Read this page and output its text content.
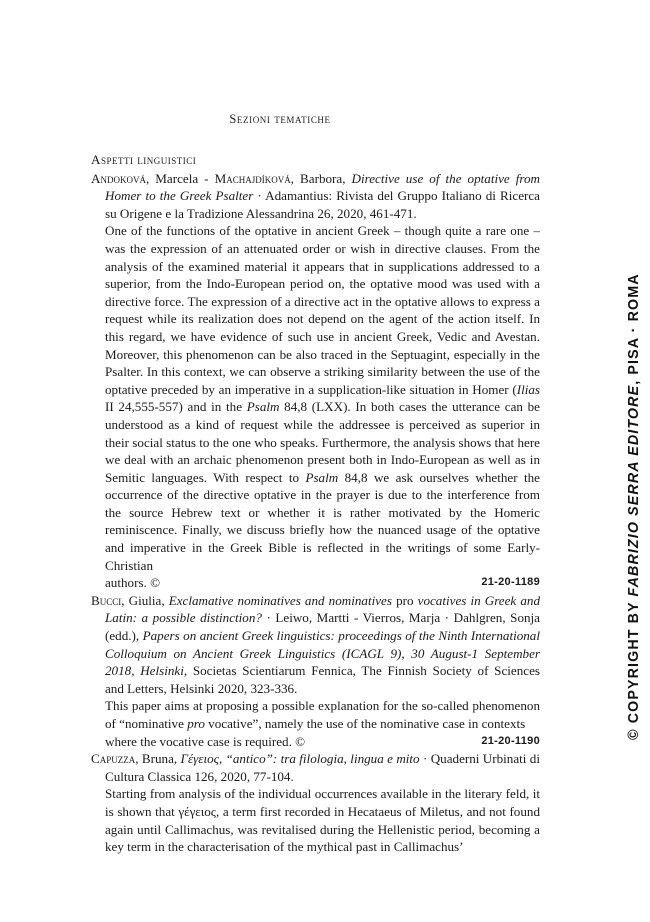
Sezioni tematiche
Aspetti linguistici
Andoková, Marcela - Machajdíková, Barbora, Directive use of the optative from Homer to the Greek Psalter · Adamantius: Rivista del Gruppo Italiano di Ricerca su Origene e la Tradizione Alessandrina 26, 2020, 461-471.
One of the functions of the optative in ancient Greek – though quite a rare one – was the expression of an attenuated order or wish in directive clauses. From the analysis of the examined material it appears that in supplications addressed to a superior, from the Indo-European period on, the optative mood was used with a directive force. The expression of a directive act in the optative allows to express a request while its realization does not depend on the agent of the action itself. In this regard, we have evidence of such use in ancient Greek, Vedic and Avestan. Moreover, this phenomenon can be also traced in the Septuagint, especially in the Psalter. In this context, we can observe a striking similarity between the use of the optative preceded by an imperative in a supplication-like situation in Homer (Ilias II 24,555-557) and in the Psalm 84,8 (LXX). In both cases the utterance can be understood as a kind of request while the addressee is perceived as superior in their social status to the one who speaks. Furthermore, the analysis shows that here we deal with an archaic phenomenon present both in Indo-European as well as in Semitic languages. With respect to Psalm 84,8 we ask ourselves whether the occurrence of the directive optative in the prayer is due to the interference from the source Hebrew text or whether it is rather motivated by the Homeric reminiscence. Finally, we discuss briefly how the nuanced usage of the optative and imperative in the Greek Bible is reflected in the writings of some Early-Christian
authors. ©	21-20-1189
Bucci, Giulia, Exclamative nominatives and nominatives pro vocatives in Greek and Latin: a possible distinction? · Leiwo, Martti - Vierros, Marja · Dahlgren, Sonja (edd.), Papers on ancient Greek linguistics: proceedings of the Ninth International Colloquium on Ancient Greek Linguistics (ICAGL 9), 30 August-1 September 2018, Helsinki, Societas Scientiarum Fennica, The Finnish Society of Sciences and Letters, Helsinki 2020, 323-336.
This paper aims at proposing a possible explanation for the so-called phenomenon of “nominative pro vocative”, namely the use of the nominative case in contexts
where the vocative case is required. ©	21-20-1190
Capuzza, Bruna, Γέγειος, “antico”: tra filologia, lingua e mito · Quaderni Urbinati di Cultura Classica 126, 2020, 77-104.
Starting from analysis of the individual occurrences available in the literary feld, it is shown that γέγειος, a term first recorded in Hecataeus of Miletus, and not found again until Callimachus, was revitalised during the Hellenistic period, becoming a key term in the characterisation of the mythical past in Callimachus’
© COPYRIGHT BY FABRIZIO SERRA EDITORE, PISA · ROMA
